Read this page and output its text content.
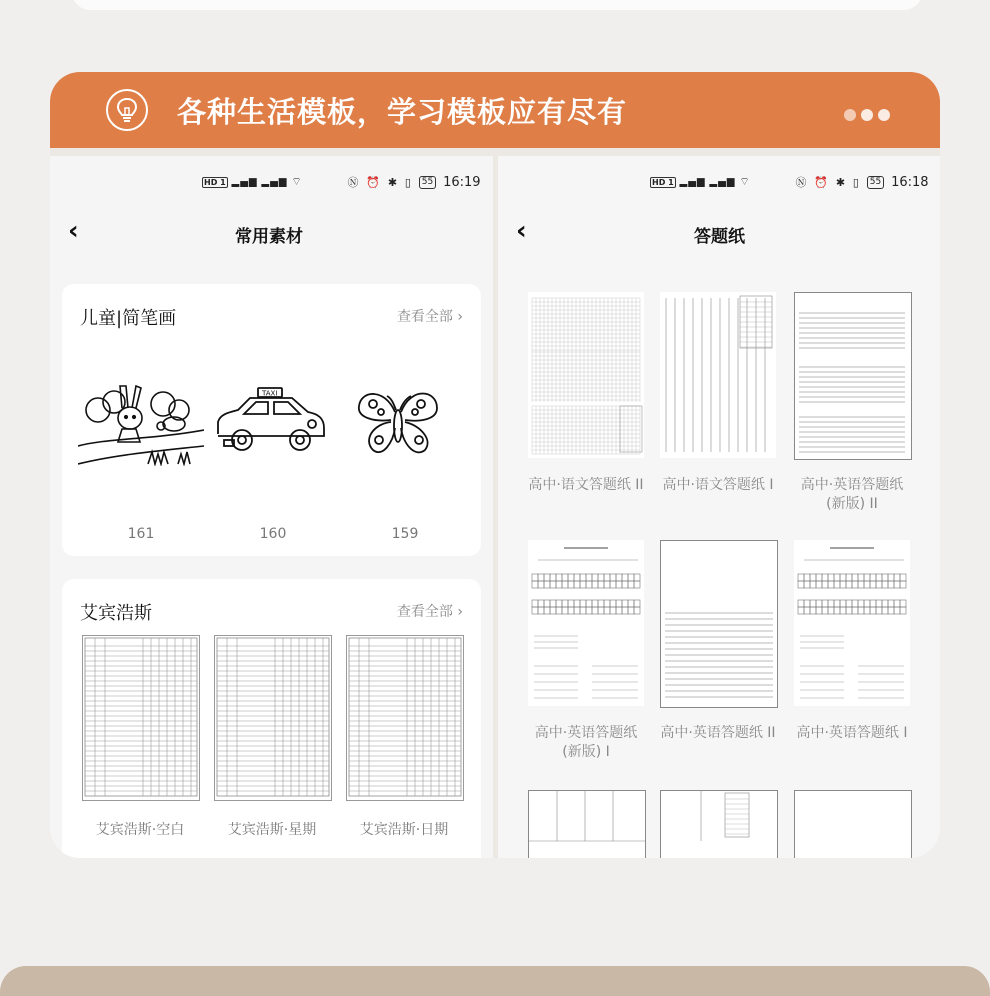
各种生活模板，学习模板应有尽有
HD 1 ▂▄▆ ▂▄▆ ⌔	Ⓝ ⏰ ✱ ▯ 55 16:19
‹	常用素材
儿童|简笔画	查看全部 ›
TAXI
161	160	159
艾宾浩斯	查看全部 ›
艾宾浩斯·空白	艾宾浩斯·星期	艾宾浩斯·日期
HD 1 ▂▄▆ ▂▄▆ ⌔	Ⓝ ⏰ ✱ ▯ 55 16:18
‹	答题纸
高中·语文答题纸 II	高中·语文答题纸 I	高中·英语答题纸
(新版) II
高中·英语答题纸
(新版) I
高中·英语答题纸 II	高中·英语答题纸 I
